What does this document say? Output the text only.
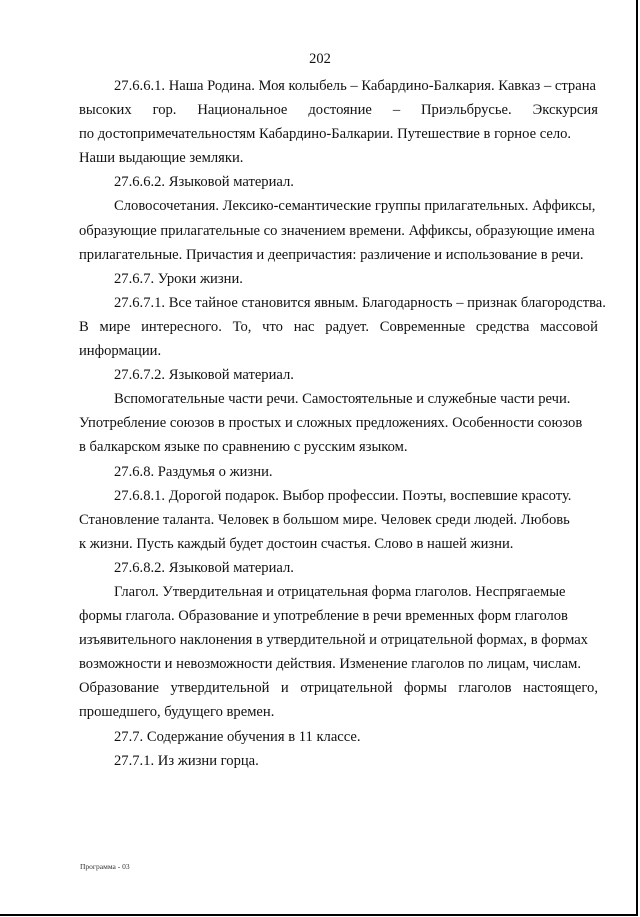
202

27.6.6.1. Наша Родина. Моя колыбель – Кабардино-Балкария. Кавказ – страна
высоких гор. Национальное достояние – Приэльбрусье. Экскурсия
по достопримечательностям Кабардино-Балкарии. Путешествие в горное село.
Наши выдающие земляки.

27.6.6.2. Языковой материал.

Словосочетания. Лексико-семантические группы прилагательных. Аффиксы,
образующие прилагательные со значением времени. Аффиксы, образующие имена
прилагательные. Причастия и деепричастия: различение и использование в речи.

27.6.7. Уроки жизни.

27.6.7.1. Все тайное становится явным. Благодарность – признак благородства.
В мире интересного. То, что нас радует. Современные средства массовой
информации.

27.6.7.2. Языковой материал.

Вспомогательные части речи. Самостоятельные и служебные части речи.
Употребление союзов в простых и сложных предложениях. Особенности союзов
в балкарском языке по сравнению с русским языком.

27.6.8. Раздумья о жизни.

27.6.8.1. Дорогой подарок. Выбор профессии. Поэты, воспевшие красоту.
Становление таланта. Человек в большом мире. Человек среди людей. Любовь
к жизни. Пусть каждый будет достоин счастья. Слово в нашей жизни.

27.6.8.2. Языковой материал.

Глагол. Утвердительная и отрицательная форма глаголов. Неспрягаемые
формы глагола. Образование и употребление в речи временных форм глаголов
изъявительного наклонения в утвердительной и отрицательной формах, в формах
возможности и невозможности действия. Изменение глаголов по лицам, числам.
Образование утвердительной и отрицательной формы глаголов настоящего,
прошедшего, будущего времен.

27.7. Содержание обучения в 11 классе.

27.7.1. Из жизни горца.

Программа - 03
